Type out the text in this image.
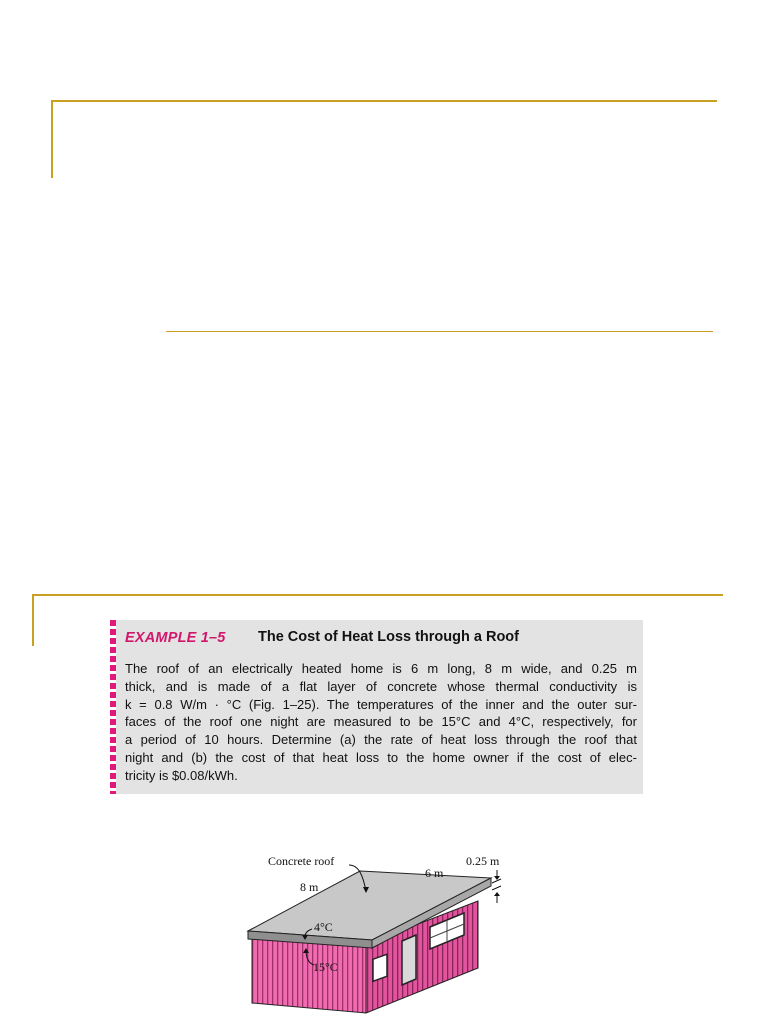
EXAMPLE 1–5 The Cost of Heat Loss through a Roof
The roof of an electrically heated home is 6 m long, 8 m wide, and 0.25 m
thick, and is made of a flat layer of concrete whose thermal conductivity is
k = 0.8 W/m · °C (Fig. 1–25). The temperatures of the inner and the outer sur-
faces of the roof one night are measured to be 15°C and 4°C, respectively, for
a period of 10 hours. Determine (a) the rate of heat loss through the roof that
night and (b) the cost of that heat loss to the home owner if the cost of elec-
tricity is $0.08/kWh.
Concrete roof
8 m
6 m
0.25 m
4°C
15°C
